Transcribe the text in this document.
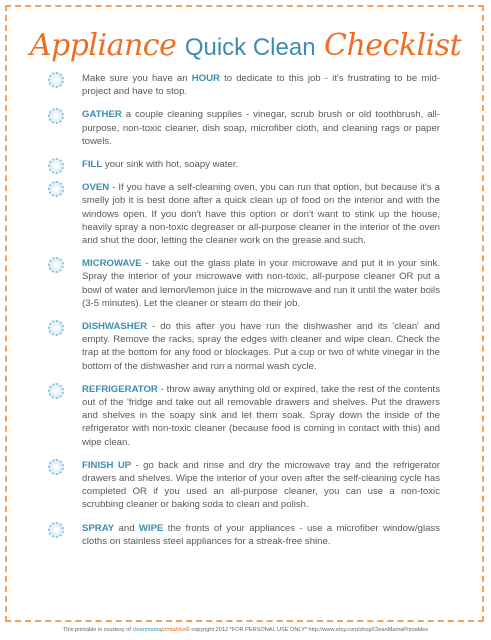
Appliance Quick Clean Checklist
Make sure you have an HOUR to dedicate to this job - it's frustrating to be mid-project and have to stop.
GATHER a couple cleaning supplies - vinegar, scrub brush or old toothbrush, all-purpose, non-toxic cleaner, dish soap, microfiber cloth, and cleaning rags or paper towels.
FILL your sink with hot, soapy water.
OVEN - If you have a self-cleaning oven, you can run that option, but because it's a smelly job it is best done after a quick clean up of food on the interior and with the windows open. If you don't have this option or don't want to stink up the house, heavily spray a non-toxic degreaser or all-purpose cleaner in the interior of the oven and shut the door, letting the cleaner work on the grease and such.
MICROWAVE - take out the glass plate in your microwave and put it in your sink. Spray the interior of your microwave with non-toxic, all-purpose cleaner OR put a bowl of water and lemon/lemon juice in the microwave and run it until the water boils (3-5 minutes). Let the cleaner or steam do their job.
DISHWASHER - do this after you have run the dishwasher and its 'clean' and empty. Remove the racks, spray the edges with cleaner and wipe clean. Check the trap at the bottom for any food or blockages. Put a cup or two of white vinegar in the bottom of the dishwasher and run a normal wash cycle.
REFRIGERATOR - throw away anything old or expired, take the rest of the contents out of the 'fridge and take out all removable drawers and shelves. Put the drawers and shelves in the soapy sink and let them soak. Spray down the inside of the refrigerator with non-toxic cleaner (because food is coming in contact with this) and wipe clean.
FINISH UP - go back and rinse and dry the microwave tray and the refrigerator drawers and shelves. Wipe the interior of your oven after the self-cleaning cycle has completed OR if you used an all-purpose cleaner, you can use a non-toxic scrubbing cleaner or baking soda to clean and polish.
SPRAY and WIPE the fronts of your appliances - use a microfiber window/glass cloths on stainless steel appliances for a streak-free shine.
This printable is courtesy of cleanmamaprintables© copyright 2012 *FOR PERSONAL USE ONLY* http://www.etsy.com/shop/CleanMamaPrintables
